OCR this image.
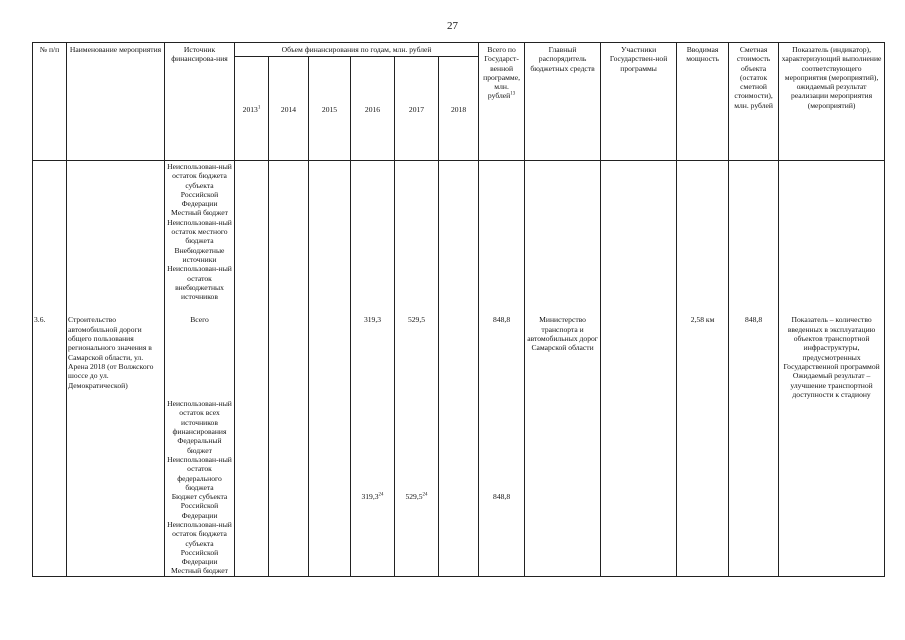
27
№ п/п	Наименование мероприятия	Источник финансирова-ния	Объем финансирования по годам, млн. рублей						Всего по Государст-венной программе, млн. рублей$^{13}$	Главный распорядитель бюджетных средств	Участники Государствен-ной программы	Вводимая мощность	Сметная стоимость объекта (остаток сметной стоимости), млн. рублей	Показатель (индикатор), характеризующий выполнение соответствующего мероприятия (мероприятий), ожидаемый результат реализации мероприятия (мероприятий)
			2013$^1$	2014	2015	2016	2017	2018						
		Неиспользован-ный остаток бюджета субъекта Российской Федерации												
		Местный бюджет												
		Неиспользован-ный остаток местного бюджета												
		Внебюджетные источники												
		Неиспользован-ный остаток внебюджетных источников												
3.6.	Строительство автомобильной дороги общего пользования регионального значения в Самарской области, ул. Арена 2018 (от Волжского шоссе до ул. Демократической)	Всего				319,3	529,5		848,8	Министерство транспорта и автомобильных дорог Самарской области		2,58 км	848,8	Показатель – количество введенных в эксплуатацию объектов транспортной инфраструктуры, предусмотренных Государственной программой Ожидаемый результат – улучшение транспортной доступности к стадиону
		Неиспользован-ный остаток всех источников финансирования												
		Федеральный бюджет												
		Неиспользован-ный остаток федерального бюджета												
		Бюджет субъекта Российской Федерации				319,3$^{24}$	529,5$^{24}$		848,8					
		Неиспользован-ный остаток бюджета субъекта Российской Федерации												
		Местный бюджет												
